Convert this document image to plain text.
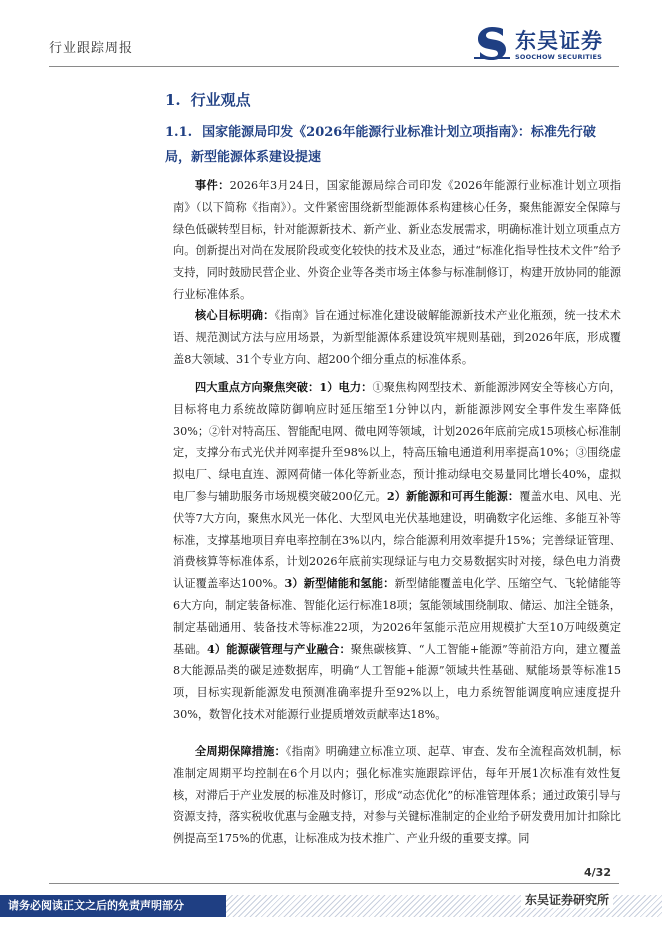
行业跟踪周报	东吴证券
SOOCHOW SECURITIES
1. 行业观点
1.1. 国家能源局印发《2026年能源行业标准计划立项指南》：标准先行破局，新型能源体系建设提速

事件：2026年3月24日，国家能源局综合司印发《2026年能源行业标准计划立项指南》（以下简称《指南》）。文件紧密围绕新型能源体系构建核心任务，聚焦能源安全保障与绿色低碳转型目标，针对能源新技术、新产业、新业态发展需求，明确标准计划立项重点方向。创新提出对尚在发展阶段或变化较快的技术及业态，通过“标准化指导性技术文件”给予支持，同时鼓励民营企业、外资企业等各类市场主体参与标准制修订，构建开放协同的能源行业标准体系。

核心目标明确：《指南》旨在通过标准化建设破解能源新技术产业化瓶颈，统一技术术语、规范测试方法与应用场景，为新型能源体系建设筑牢规则基础，到2026年底，形成覆盖8大领域、31个专业方向、超200个细分重点的标准体系。

四大重点方向聚焦突破：1）电力：①聚焦构网型技术、新能源涉网安全等核心方向，目标将电力系统故障防御响应时延压缩至1分钟以内，新能源涉网安全事件发生率降低30%；②针对特高压、智能配电网、微电网等领域，计划2026年底前完成15项核心标准制定，支撑分布式光伏并网率提升至98%以上，特高压输电通道利用率提高10%；③围绕虚拟电厂、绿电直连、源网荷储一体化等新业态，预计推动绿电交易量同比增长40%，虚拟电厂参与辅助服务市场规模突破200亿元。2）新能源和可再生能源：覆盖水电、风电、光伏等7大方向，聚焦水风光一体化、大型风电光伏基地建设，明确数字化运维、多能互补等标准，支撑基地项目弃电率控制在3%以内，综合能源利用效率提升15%；完善绿证管理、消费核算等标准体系，计划2026年底前实现绿证与电力交易数据实时对接，绿色电力消费认证覆盖率达100%。3）新型储能和氢能：新型储能覆盖电化学、压缩空气、飞轮储能等6大方向，制定装备标准、智能化运行标准18项；氢能领域围绕制取、储运、加注全链条，制定基础通用、装备技术等标准22项，为2026年氢能示范应用规模扩大至10万吨级奠定基础。4）能源碳管理与产业融合：聚焦碳核算、“人工智能+能源”等前沿方向，建立覆盖8大能源品类的碳足迹数据库，明确“人工智能+能源”领域共性基础、赋能场景等标准15项，目标实现新能源发电预测准确率提升至92%以上，电力系统智能调度响应速度提升30%，数智化技术对能源行业提质增效贡献率达18%。

全周期保障措施：《指南》明确建立标准立项、起草、审查、发布全流程高效机制，标准制定周期平均控制在6个月以内；强化标准实施跟踪评估，每年开展1次标准有效性复核，对滞后于产业发展的标准及时修订，形成“动态优化”的标准管理体系；通过政策引导与资源支持，落实税收优惠与金融支持，对参与关键标准制定的企业给予研发费用加计扣除比例提高至175%的优惠，让标准成为技术推广、产业升级的重要支撑。同

4/32
请务必阅读正文之后的免责声明部分	东吴证券研究所
